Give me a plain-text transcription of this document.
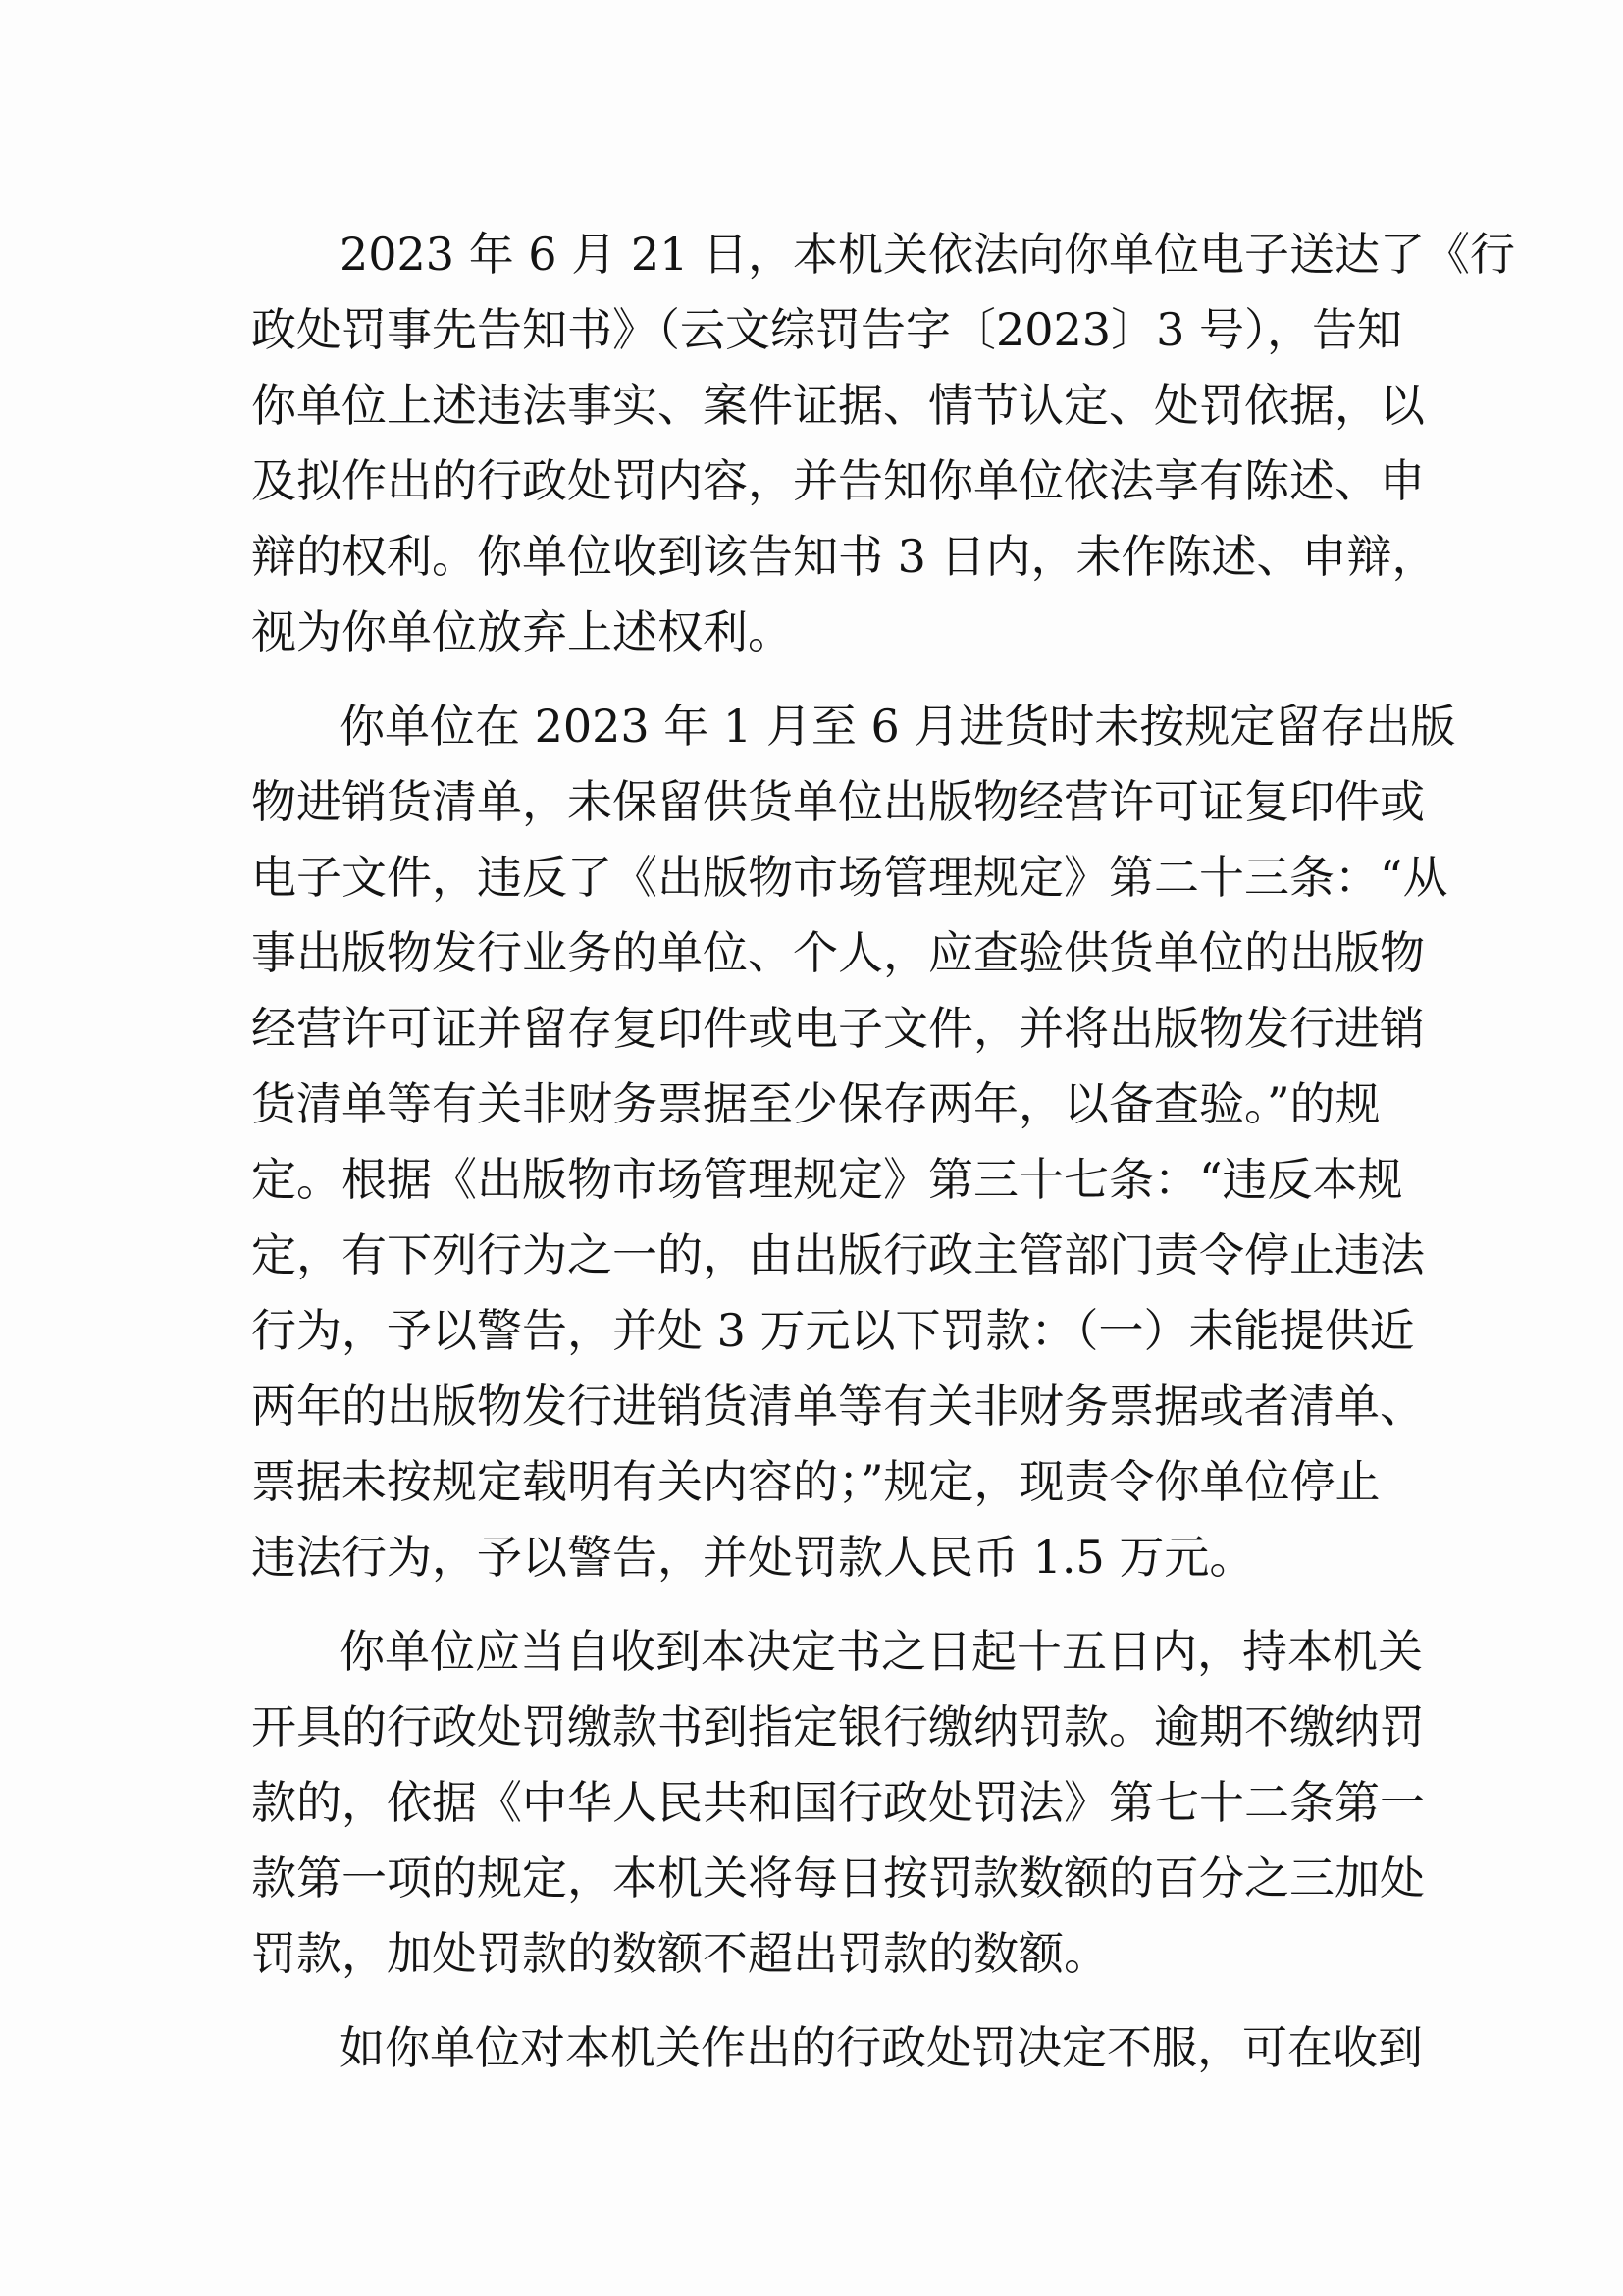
2023 年 6 月 21 日，本机关依法向你单位电子送达了《行
政处罚事先告知书》（云文综罚告字〔2023〕3 号），告知
你单位上述违法事实、案件证据、情节认定、处罚依据，以
及拟作出的行政处罚内容，并告知你单位依法享有陈述、申
辩的权利。你单位收到该告知书 3 日内，未作陈述、申辩，
视为你单位放弃上述权利。
你单位在 2023 年 1 月至 6 月进货时未按规定留存出版
物进销货清单，未保留供货单位出版物经营许可证复印件或
电子文件，违反了《出版物市场管理规定》第二十三条：“从
事出版物发行业务的单位、个人，应查验供货单位的出版物
经营许可证并留存复印件或电子文件，并将出版物发行进销
货清单等有关非财务票据至少保存两年，以备查验。”的规
定。根据《出版物市场管理规定》第三十七条：“违反本规
定，有下列行为之一的，由出版行政主管部门责令停止违法
行为，予以警告，并处 3 万元以下罚款：（一）未能提供近
两年的出版物发行进销货清单等有关非财务票据或者清单、
票据未按规定载明有关内容的；”规定，现责令你单位停止
违法行为，予以警告，并处罚款人民币 1.5 万元。
你单位应当自收到本决定书之日起十五日内，持本机关
开具的行政处罚缴款书到指定银行缴纳罚款。逾期不缴纳罚
款的，依据《中华人民共和国行政处罚法》第七十二条第一
款第一项的规定，本机关将每日按罚款数额的百分之三加处
罚款，加处罚款的数额不超出罚款的数额。
如你单位对本机关作出的行政处罚决定不服，可在收到
